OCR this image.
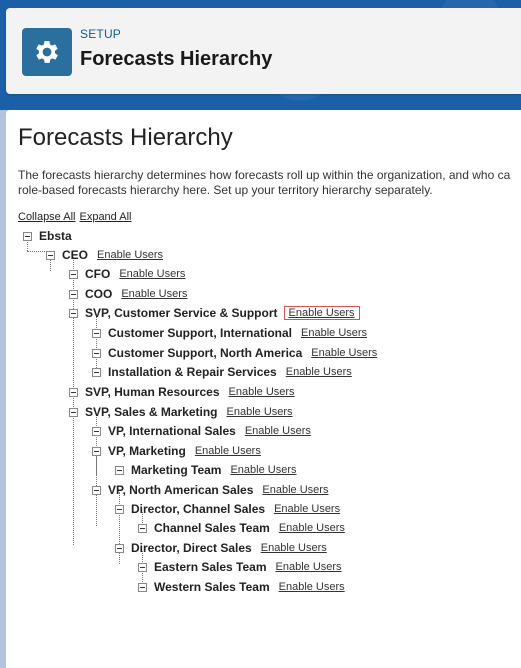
SETUP
Forecasts Hierarchy
Forecasts Hierarchy
The forecasts hierarchy determines how forecasts roll up within the organization, and who ca
role-based forecasts hierarchy here. Set up your territory hierarchy separately.
Collapse All Expand All
Ebsta
CEO Enable Users
CFO Enable Users
COO Enable Users
SVP, Customer Service & Support	Enable Users
Customer Support, International Enable Users
Customer Support, North America Enable Users
Installation & Repair Services Enable Users
SVP, Human Resources Enable Users
SVP, Sales & Marketing Enable Users
VP, International Sales Enable Users
VP, Marketing Enable Users
Marketing Team Enable Users
VP, North American Sales Enable Users
Director, Channel Sales Enable Users
Channel Sales Team Enable Users
Director, Direct Sales Enable Users
Eastern Sales Team Enable Users
Western Sales Team Enable Users
